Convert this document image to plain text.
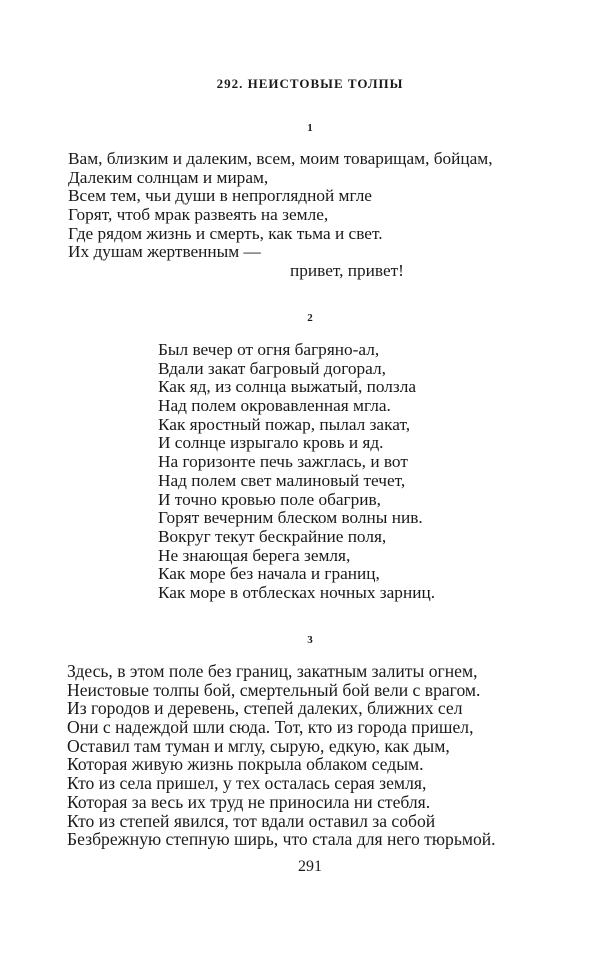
292. НЕИСТОВЫЕ ТОЛПЫ
1
Вам, близким и далеким, всем, моим товарищам, бойцам,
Далеким солнцам и мирам,
Всем тем, чьи души в непроглядной мгле
Горят, чтоб мрак развеять на земле,
Где рядом жизнь и смерть, как тьма и свет.
Их душам жертвенным —
привет, привет!
2
Был вечер от огня багряно-ал,
Вдали закат багровый догорал,
Как яд, из солнца выжатый, ползла
Над полем окровавленная мгла.
Как яростный пожар, пылал закат,
И солнце изрыгало кровь и яд.
На горизонте печь зажглась, и вот
Над полем свет малиновый течет,
И точно кровью поле обагрив,
Горят вечерним блеском волны нив.
Вокруг текут бескрайние поля,
Не знающая берега земля,
Как море без начала и границ,
Как море в отблесках ночных зарниц.
3
Здесь, в этом поле без границ, закатным залиты огнем,
Неистовые толпы бой, смертельный бой вели с врагом.
Из городов и деревень, степей далеких, ближних сел
Они с надеждой шли сюда. Тот, кто из города пришел,
Оставил там туман и мглу, сырую, едкую, как дым,
Которая живую жизнь покрыла облаком седым.
Кто из села пришел, у тех осталась серая земля,
Которая за весь их труд не приносила ни стебля.
Кто из степей явился, тот вдали оставил за собой
Безбрежную степную ширь, что стала для него тюрьмой.
291
